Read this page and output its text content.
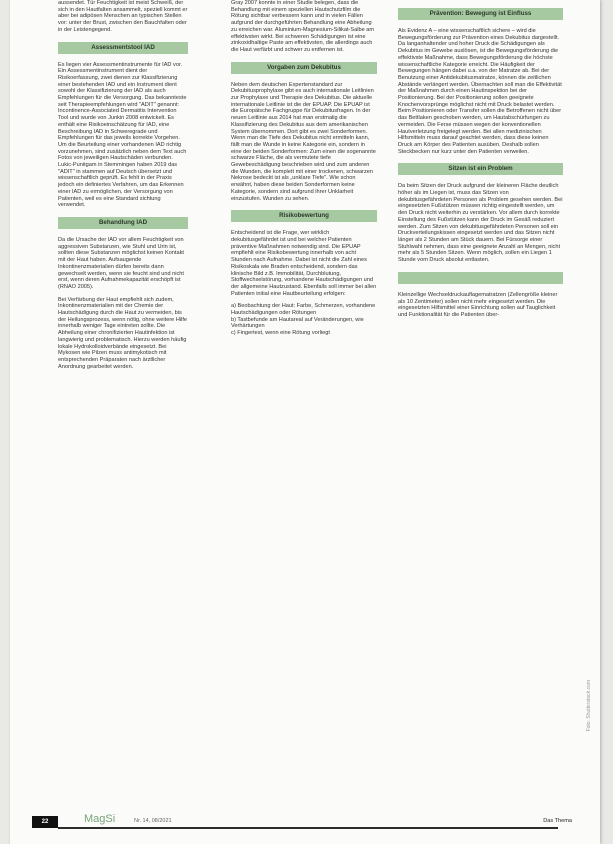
aussendet. Tür Feuchtigkeit ist meist Schweiß, der sich in den Hautfalten ansammelt, speziell kommt er aber bei adipösen Menschen an typischen Stellen vor: unter der Brust, zwischen den Bauchfalten oder in der Leistengegend.

Assessmentstool IAD

Es liegen vier Assessmentinstrumente für IAD vor. Ein Assessmentinstrument dient der Risikoerfassung, zwei dienen zur Klassifizierung einer bestehenden IAD und ein Instrument dient sowohl der Klassifizierung der IAD als auch Empfehlungen für die Versorgung. Das bekannteste seit Therapieempfehlungen wird "ADIT" genannt: Incontinence-Associated Dermatitis Intervention Tool und wurde von Junkin 2008 entwickelt. Es enthält eine Risikoeinschätzung für IAD, eine Beschreibung IAD in Schweregrade und Empfehlungen für das jeweils korrekte Vorgehen. Um die Beurteilung einer vorhandenen IAD richtig vorzunehmen, sind zusätzlich neben dem Text auch Fotos von jeweiligen Hautschäden verbunden. Lukic-Punitgam in Stemmingen haben 2019 das "ADIT" in stammen auf Deutsch übersetzt und wissenschaftlich geprüft. Es fehlt in der Praxis jedoch ein definiertes Verfahren, um das Erkennen einer IAD zu ermöglichen, der Versorgung von Patienten, weil es eine Standard sichtung verwendet.

Behandlung IAD

Da die Ursache der IAD vor allem Feuchtigkeit von aggressiven Substanzen, wie Stuhl und Urin ist, sollten diese Substanzen möglichst keinen Kontakt mit der Haut haben. Aufsaugende Inkontinenzmaterialien dürfen bereits dann gewechselt werden, wenn sie feucht sind und nicht erst, wenn deren Aufnahmekapazität erschöpft ist (RNAO 2005).

Bei Verfärbung der Haut empfiehlt sich zudem, Inkontinenzmaterialien mit der Chemie der Hautschädigung durch die Haut zu vermeiden, bis der Heilungsprozess, wenn nötig, ohne weitere Hilfe innerhalb weniger Tage eintreten sollte. Die Abheilung einer chronifizierten Hautinfektion ist langwierig und problematisch. Hierzu werden häufig lokale Hydrokolloidverbände eingesetzt. Bei Mykosen wie Pilzen muss antimykotisch mit entsprechenden Präparaten nach ärztlicher Anordnung gearbeitet werden.

Gray 2007 konnte in einer Studie belegen, dass die Behandlung mit einem speziellen Hautschutzfilm die Rötung sichtbar verbessern kann und in vielen Fällen aufgrund der durchgeführten Behandlung eine Abheilung zu erreichen war. Aluminium-Magnesium-Silikat-Salbe am effektivsten wirkt. Bei schweren Schädigungen ist eine zinkoxidhaltige Paste am effektivsten, die allerdings auch die Haut verfärbt und schwer zu entfernen ist.

Vorgaben zum Dekubitus

Neben dem deutschen Expertenstandard zur Dekubitusprophylaxe gibt es auch internationale Leitlinien zur Prophylaxe und Therapie des Dekubitus. Die aktuelle internationale Leitlinie ist die der EPUAP. Die EPUAP ist die Europäische Fachgruppe für Dekubitusfragen. In der neuen Leitlinie aus 2014 hat man erstmalig die Klassifizierung des Dekubitus aus dem amerikanischen System übernommen. Dort gibt es zwei Sonderformen. Wenn man die Tiefe des Dekubitus nicht ermitteln kann, fällt man die Wunde in keine Kategorie ein, sondern in eine der beiden Sonderformen: Zum einen die sogenannte schwarze Fläche, die als vermutete tiefe Gewebeschädigung beschrieben wird und zum anderen die Wunden, die komplett mit einer trockenen, schwarzen Nekrose bedeckt ist als „unklare Tiefe". Wie schon erwähnt, haben diese beiden Sonderformen keine Kategorie, sondern sind aufgrund ihrer Unklarheit einzustufen. Wunden zu sehen.

Risikobewertung

Entscheidend ist die Frage, wer wirklich dekubitusgefährdet ist und bei welcher Patienten präventive Maßnahmen notwendig sind. Die EPUAP empfiehlt eine Risikobewertung innerhalb von acht Stunden nach Aufnahme. Dabei ist nicht die Zahl eines Risikoskala wie Braden entscheidend, sondern das klinische Bild z.B. Immobilität, Durchblutung, Stoffwechselstörung, vorhandene Hautschädigungen und der allgemeine Hautzustand. Ebenfalls soll immer bei allen Patienten initial eine Hautbeurteilung erfolgen:

a) Beobachtung der Haut: Farbe, Schmerzen, vorhandene Hautschädigungen oder Rötungen
b) Tastbefunde am Hautareal auf Veränderungen, wie Verhärtungen
c) Fingertest, wenn eine Rötung vorliegt
Prävention: Bewegung ist Einfluss

Als Evidenz A – eine wissenschaftlich sichere – wird die Bewegungsförderung zur Prävention eines Dekubitus dargestellt. Da langanhaltender und hoher Druck die Schädigungen als Dekubitus im Gewebe auslösen, ist die Bewegungsförderung die effektivste Maßnahme, dass Bewegungsförderung die höchste wissenschaftliche Kategorie erreicht. Die Häufigkeit der Bewegungen hängen dabei u.a. von der Matratze ab. Bei der Benutzung einer Antidekubitusmatratze, können die zeitlichen Abstände verlängert werden. Übernachten soll man die Effektivität der Maßnahmen durch einen Hautinspektion bei der Positionierung. Bei der Positionierung sollen geeignete Knochenvorsprünge möglichst nicht mit Druck belastet werden. Beim Positionieren oder Transfer sollen die Betroffenen nicht über das Bettlaken geschoben werden, um Hautabschürfungen zu vermeiden. Die Ferse müssen wegen der konventionellen Hautverletzung freigelegt werden. Bei allen medizinischen Hilfsmitteln muss darauf geachtet werden, dass diese keinen Druck am Körper des Patienten ausüben. Deshalb sollen Steckbecken nur kurz unter den Patienten verweilen.

Sitzen ist ein Problem

Da beim Sitzen der Druck aufgrund der kleineren Fläche deutlich höher als im Liegen ist, muss das Sitzen von dekubitusgefährdeten Personen als Problem gesehen werden. Bei eingesetzten Fußstützen müssen richtig eingestellt werden, um den Druck nicht weiterhin zu verstärken. Vor allem durch korrekte Einstellung des Fußstützen kann der Druck im Gesäß reduziert werden. Zum Sitzen von dekubitusgefährdeten Personen soll ein Druckverteilungskissen eingesetzt werden und das Sitzen nicht länger als 2 Stunden am Stück dauern. Bei Fürsorge einer Stuhlwahl nehmen, dass eine geeignete Anzahl an Mengen, nicht mehr als 5 Stunden Sitzen. Wenn möglich, sollen ein Liegen 1 Stunde vom Druck absolut entlasten.

Kleinzellige Wechseldruckauflagematratzen (Zellengröße kleiner als 10 Zentimeter) sollen nicht mehr eingesetzt werden. Die eingesetzten Hilfsmittel einer Einrichtung sollen auf Tauglichkeit und Funktionalität für die Patienten über-

Foto: Shutterstock.com
22	MagSi	Nr. 14, 08/2021	Das Thema
